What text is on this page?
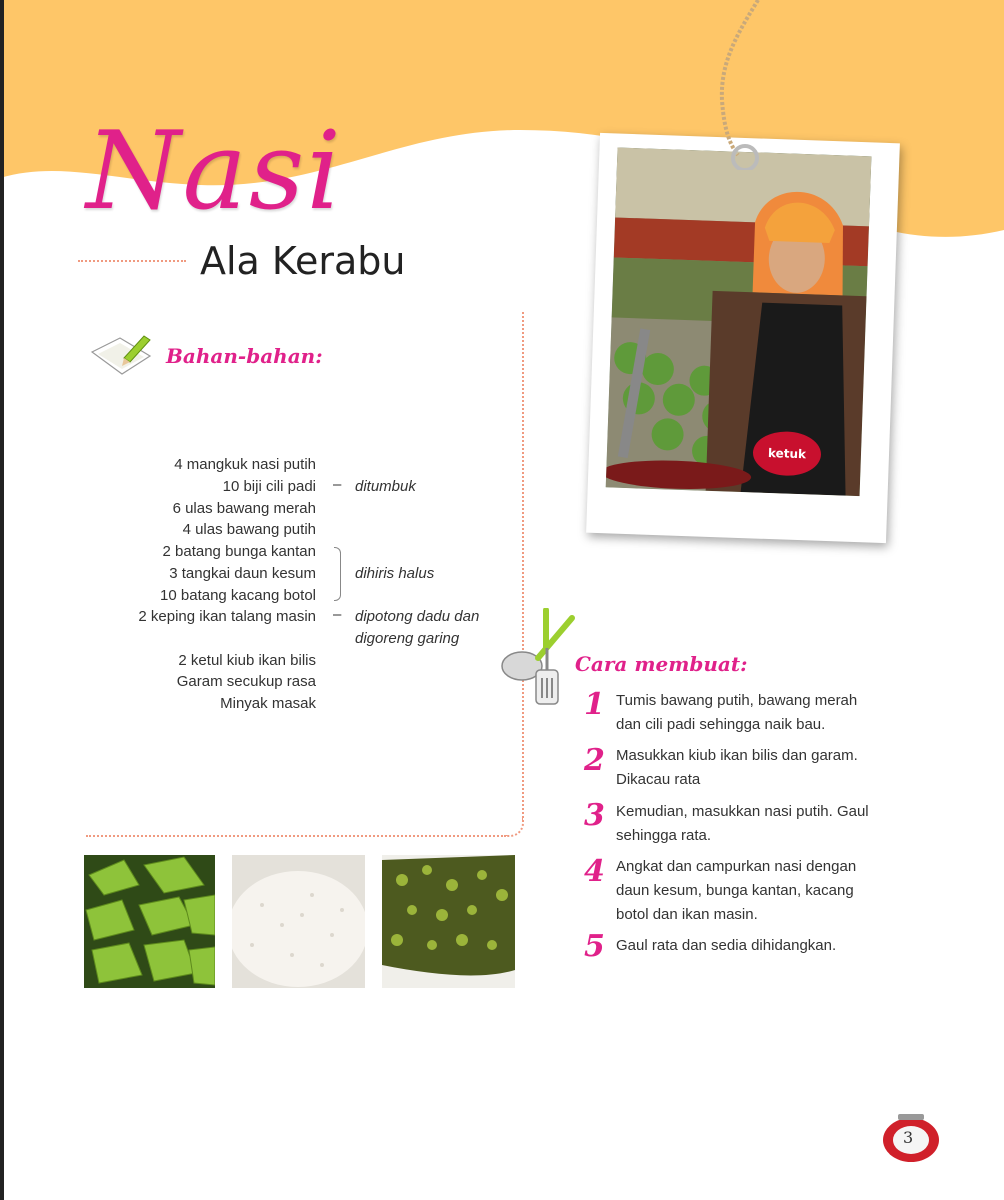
Nasi
Ala Kerabu
ketuk
Bahan-bahan:
4 mangkuk nasi putih
10 biji cili padi
6 ulas bawang merah
4 ulas bawang putih
2 batang bunga kantan
3 tangkai daun kesum
10 batang kacang botol
2 keping ikan talang masin
2 ketul kiub ikan bilis
Garam secukup rasa
Minyak masak
– ditumbuk
dihiris halus
– dipotong dadu dan
digoreng garing
Cara membuat:
1 Tumis bawang putih, bawang merah
dan cili padi sehingga naik bau.
2 Masukkan kiub ikan bilis dan garam.
Dikacau rata
3 Kemudian, masukkan nasi putih. Gaul
sehingga rata.
4 Angkat dan campurkan nasi dengan
daun kesum, bunga kantan, kacang
botol dan ikan masin.
5 Gaul rata dan sedia dihidangkan.
3
